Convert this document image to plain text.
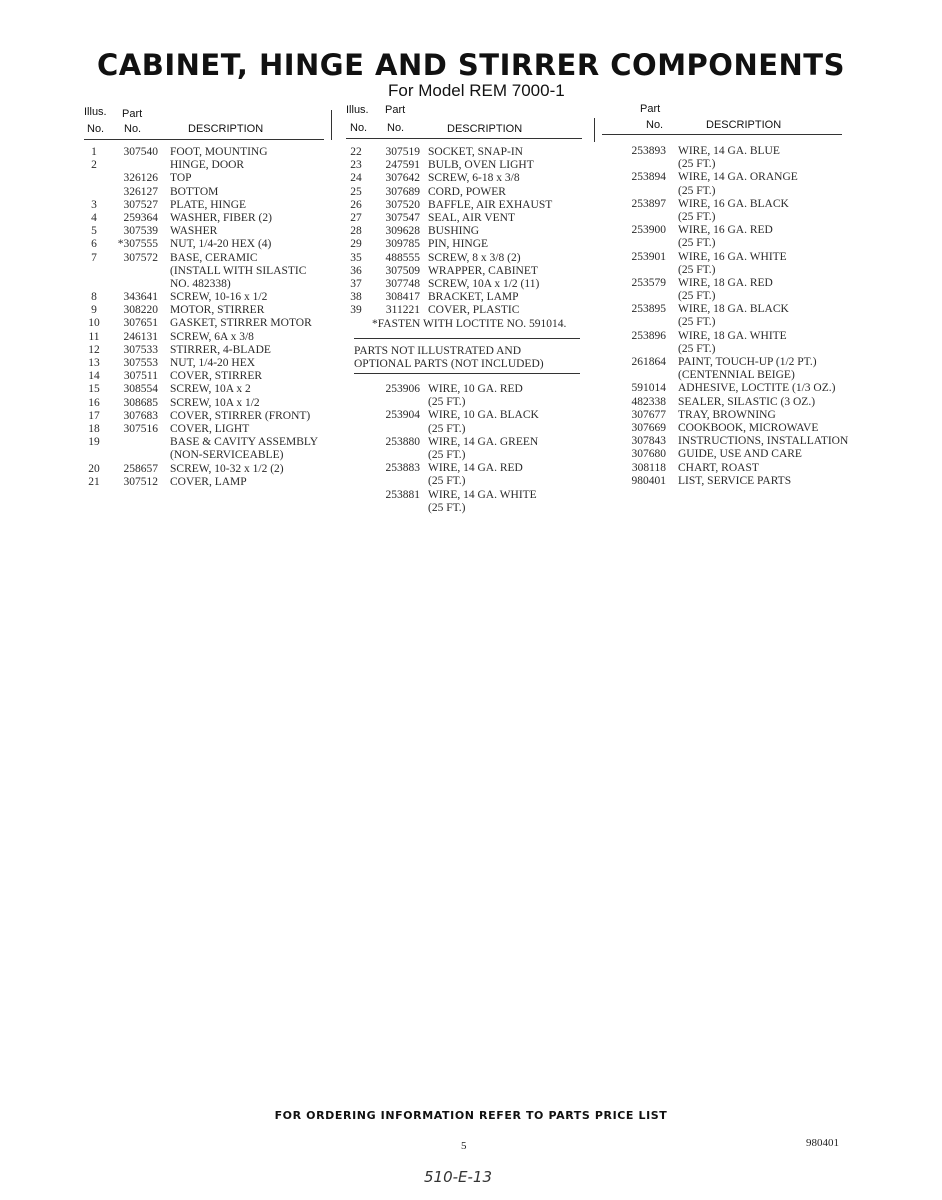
CABINET, HINGE AND STIRRER COMPONENTS
For Model REM 7000-1
Illus. Part
No. No.	DESCRIPTION
Illus. Part
No. No.	DESCRIPTION
Part
No.	DESCRIPTION
1	307540 FOOT, MOUNTING
2	HINGE, DOOR
326126 TOP
326127 BOTTOM
3	307527 PLATE, HINGE
4	259364 WASHER, FIBER (2)
5	307539 WASHER
6	*307555 NUT, 1/4-20 HEX (4)
7	307572 BASE, CERAMIC
(INSTALL WITH SILASTIC
NO. 482338)
8	343641 SCREW, 10-16 x 1/2
9	308220 MOTOR, STIRRER
10	307651 GASKET, STIRRER MOTOR
11	246131 SCREW, 6A x 3/8
12	307533 STIRRER, 4-BLADE
13	307553 NUT, 1/4-20 HEX
14	307511 COVER, STIRRER
15	308554 SCREW, 10A x 2
16	308685 SCREW, 10A x 1/2
17	307683 COVER, STIRRER (FRONT)
18	307516 COVER, LIGHT
19	BASE & CAVITY ASSEMBLY
(NON-SERVICEABLE)
20	258657 SCREW, 10-32 x 1/2 (2)
21	307512 COVER, LAMP
22	307519 SOCKET, SNAP-IN
23	247591 BULB, OVEN LIGHT
24	307642 SCREW, 6-18 x 3/8
25	307689 CORD, POWER
26	307520 BAFFLE, AIR EXHAUST
27	307547 SEAL, AIR VENT
28	309628 BUSHING
29	309785 PIN, HINGE
35	488555 SCREW, 8 x 3/8 (2)
36	307509 WRAPPER, CABINET
37	307748 SCREW, 10A x 1/2 (11)
38	308417 BRACKET, LAMP
39	311221 COVER, PLASTIC
*FASTEN WITH LOCTITE NO. 591014.
PARTS NOT ILLUSTRATED AND
OPTIONAL PARTS (NOT INCLUDED)
253906 WIRE, 10 GA. RED
(25 FT.)
253904 WIRE, 10 GA. BLACK
(25 FT.)
253880 WIRE, 14 GA. GREEN
(25 FT.)
253883 WIRE, 14 GA. RED
(25 FT.)
253881 WIRE, 14 GA. WHITE
(25 FT.)
253893 WIRE, 14 GA. BLUE
(25 FT.)
253894 WIRE, 14 GA. ORANGE
(25 FT.)
253897 WIRE, 16 GA. BLACK
(25 FT.)
253900 WIRE, 16 GA. RED
(25 FT.)
253901 WIRE, 16 GA. WHITE
(25 FT.)
253579 WIRE, 18 GA. RED
(25 FT.)
253895 WIRE, 18 GA. BLACK
(25 FT.)
253896 WIRE, 18 GA. WHITE
(25 FT.)
261864 PAINT, TOUCH-UP (1/2 PT.)
(CENTENNIAL BEIGE)
591014 ADHESIVE, LOCTITE (1/3 OZ.)
482338 SEALER, SILASTIC (3 OZ.)
307677 TRAY, BROWNING
307669 COOKBOOK, MICROWAVE
307843 INSTRUCTIONS, INSTALLATION
307680 GUIDE, USE AND CARE
308118 CHART, ROAST
980401 LIST, SERVICE PARTS
FOR ORDERING INFORMATION REFER TO PARTS PRICE LIST
5	980401
510-E-13
